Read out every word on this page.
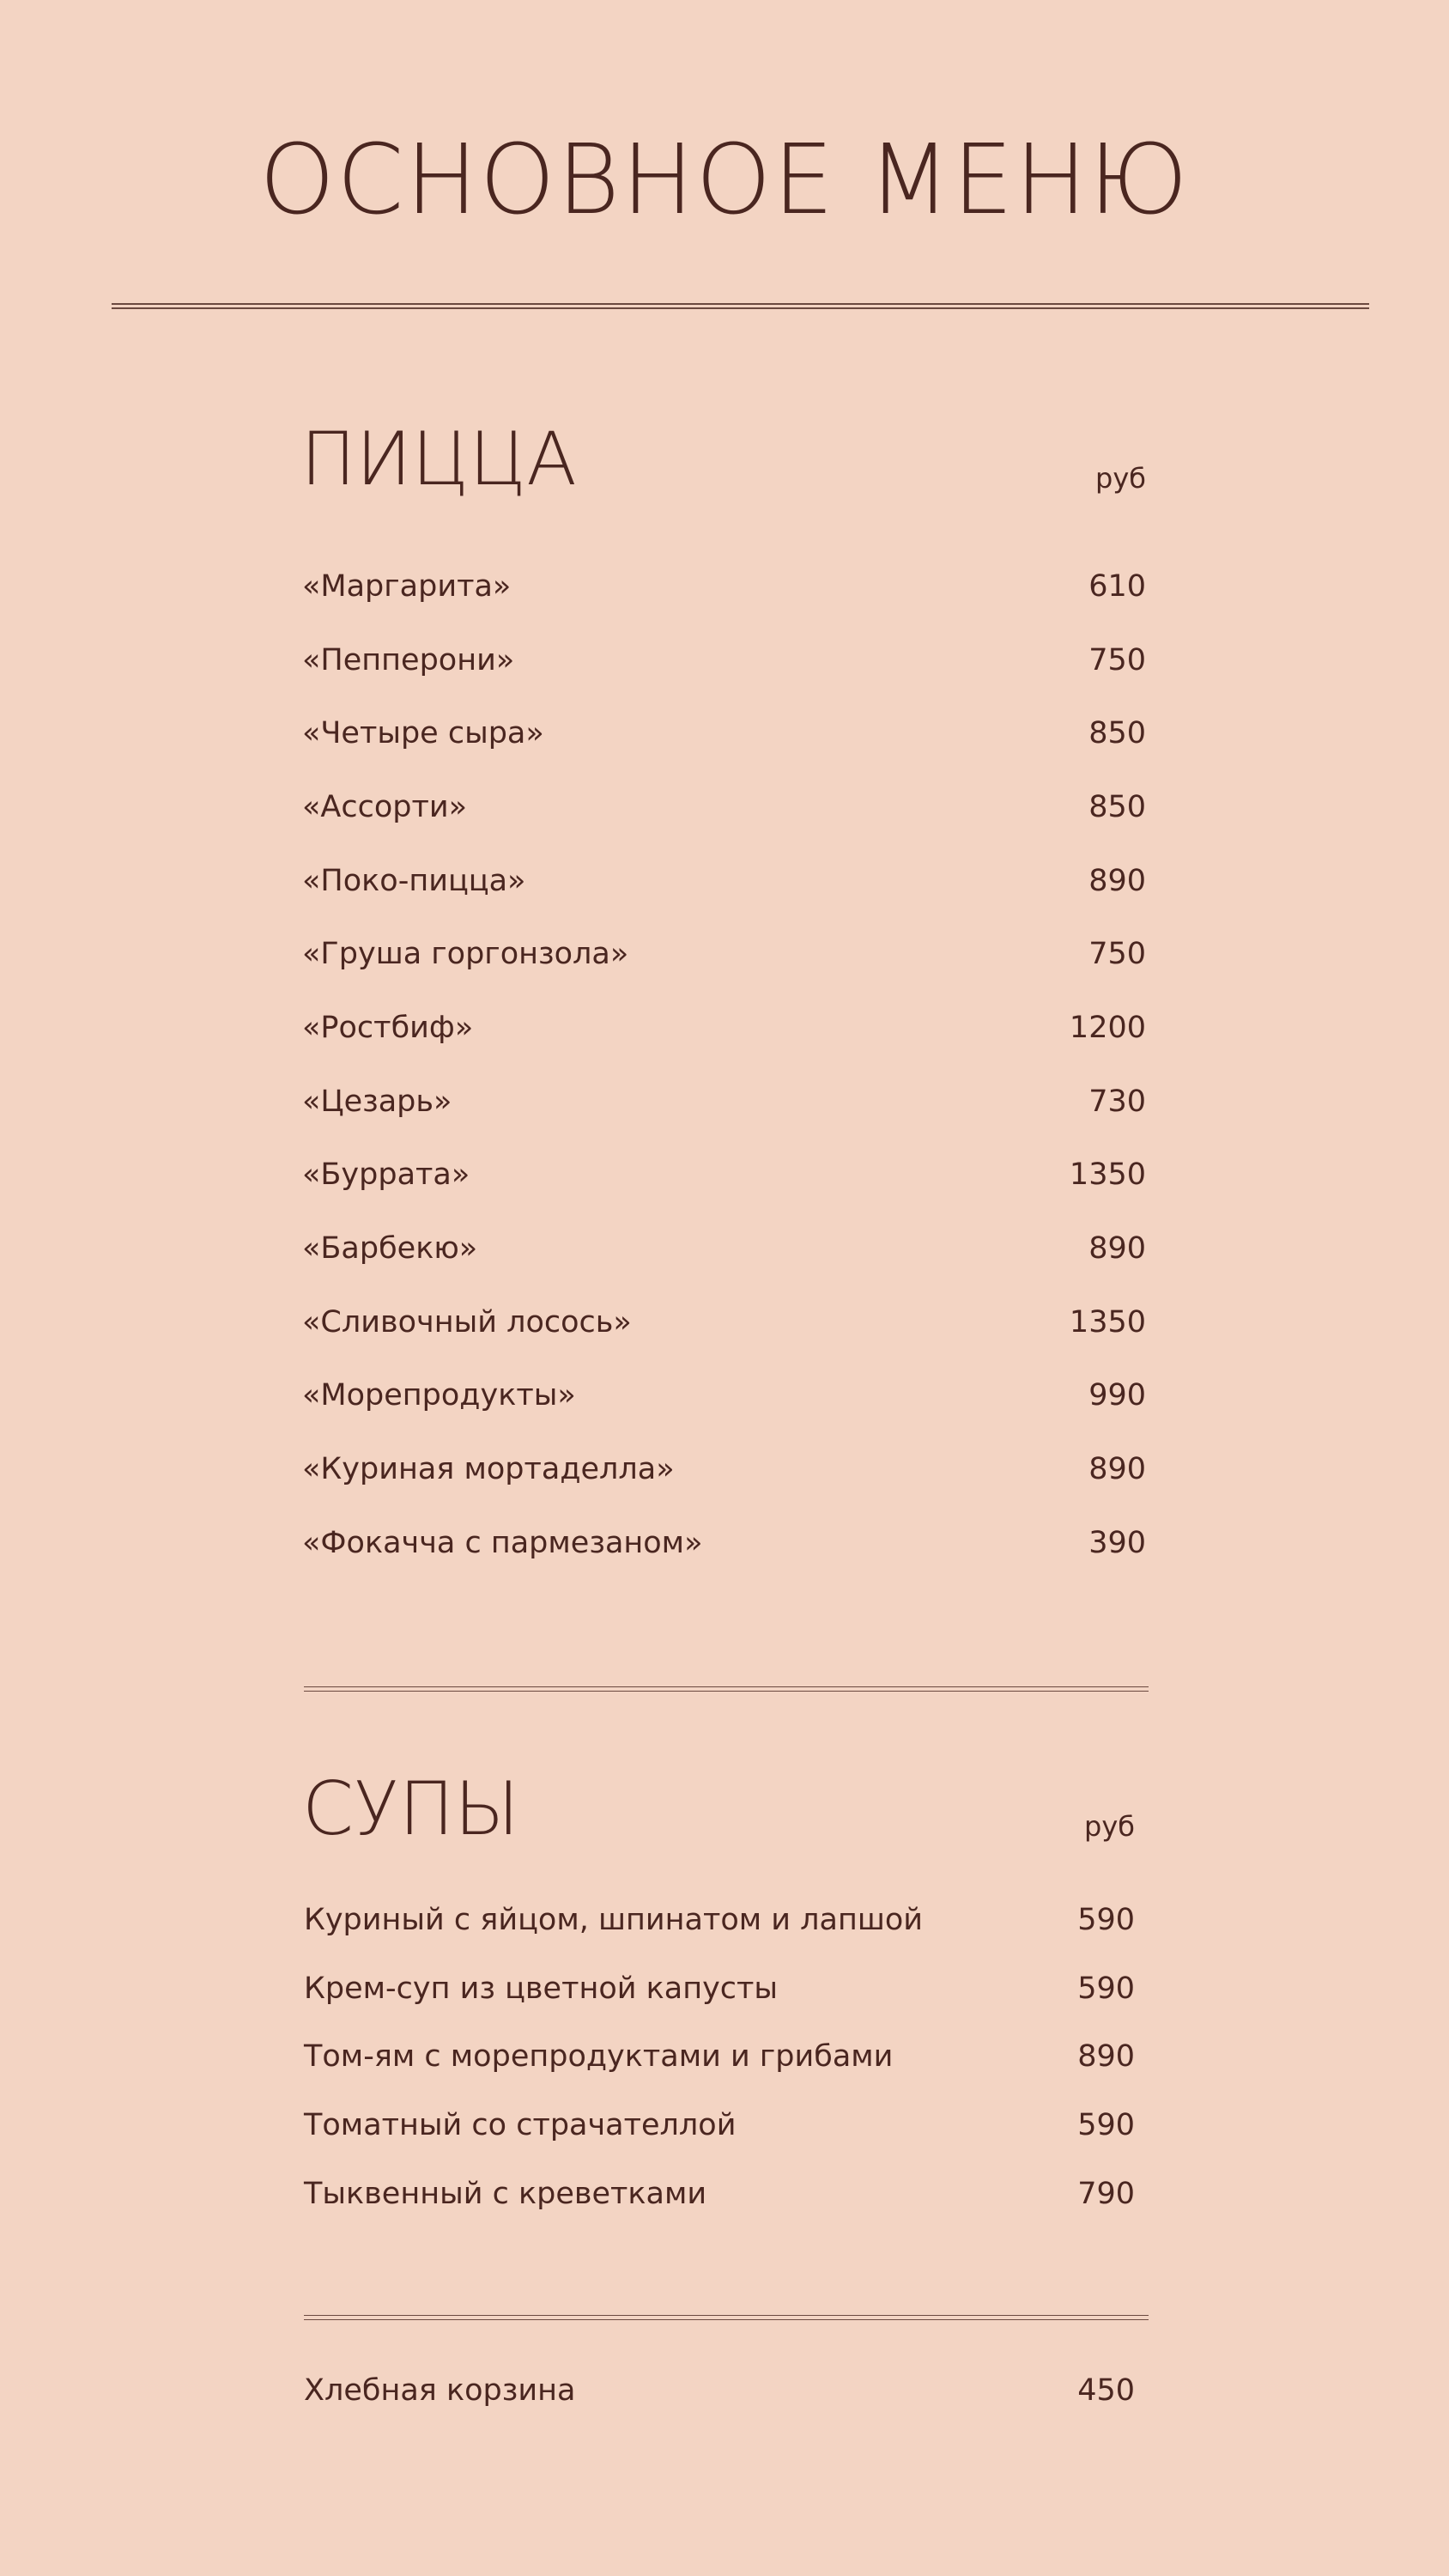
ОСНОВНОЕ МЕНЮ
ПИЦЦА	руб
«Маргарита»	610
«Пепперони»	750
«Четыре сыра»	850
«Ассорти»	850
«Поко-пицца»	890
«Груша горгонзола»	750
«Ростбиф»	1200
«Цезарь»	730
«Буррата»	1350
«Барбекю»	890
«Сливочный лосось»	1350
«Морепродукты»	990
«Куриная мортаделла»	890
«Фокачча с пармезаном»	390
СУПЫ	руб
Куриный с яйцом, шпинатом и лапшой	590
Крем-суп из цветной капусты	590
Том-ям с морепродуктами и грибами	890
Томатный со страчателлой	590
Тыквенный с креветками	790
Хлебная корзина	450
